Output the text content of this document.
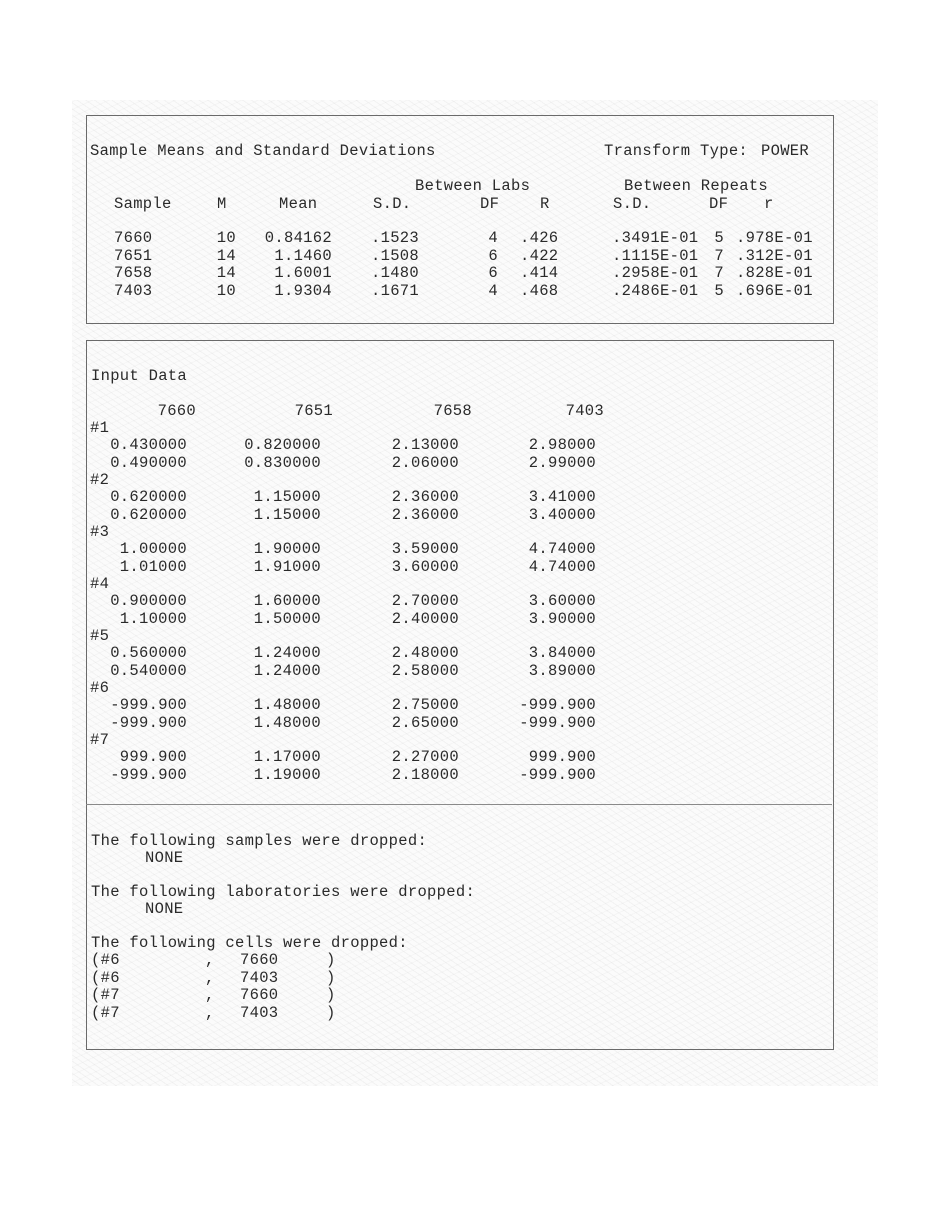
Sample Means and Standard Deviations	Transform Type: POWER
Between Labs	Between Repeats
Sample	M	Mean	S.D.	DF	R	S.D.	DF r
7660	10	0.84162	.1523	4 .426	.3491E-01	5 .978E-01
7651	14	1.1460	.1508	6 .422	.1115E-01	7 .312E-01
7658	14	1.6001	.1480	6 .414	.2958E-01	7 .828E-01
7403	10	1.9304	.1671	4 .468	.2486E-01	5 .696E-01
Input Data
7660	7651	7658	7403
#1
0.430000	0.820000	2.13000	2.98000
0.490000	0.830000	2.06000	2.99000
#2
0.620000	1.15000	2.36000	3.41000
0.620000	1.15000	2.36000	3.40000
#3
1.00000	1.90000	3.59000	4.74000
1.01000	1.91000	3.60000	4.74000
#4
0.900000	1.60000	2.70000	3.60000
1.10000	1.50000	2.40000	3.90000
#5
0.560000	1.24000	2.48000	3.84000
0.540000	1.24000	2.58000	3.89000
#6
-999.900	1.48000	2.75000	-999.900
-999.900	1.48000	2.65000	-999.900
#7
999.900	1.17000	2.27000	999.900
-999.900	1.19000	2.18000	-999.900
The following samples were dropped:
NONE
The following laboratories were dropped:
NONE
The following cells were dropped:
(#6	, 7660	)
(#6	, 7403	)
(#7	, 7660	)
(#7	, 7403	)
